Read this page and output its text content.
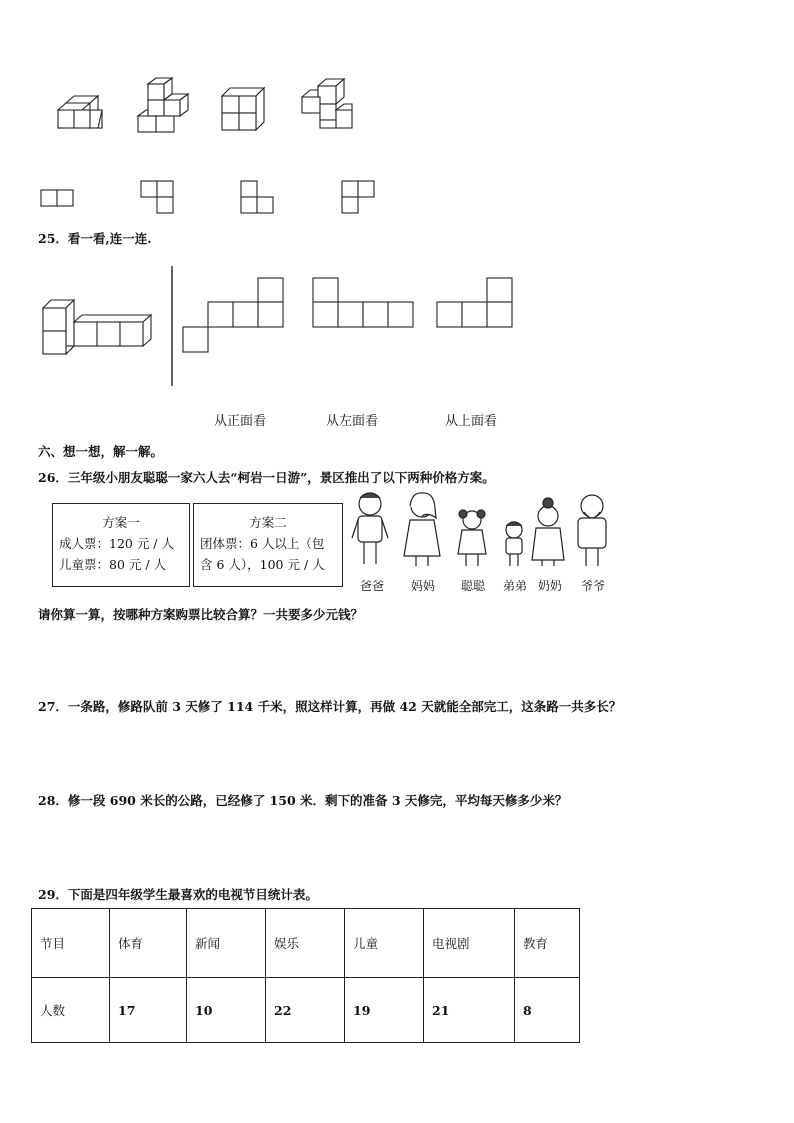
25．看一看,连一连.
从正面看	从左面看	从上面看
六、想一想，解一解。
26．三年级小朋友聪聪一家六人去“柯岩一日游”，景区推出了以下两种价格方案。
方案一
成人票：120 元 / 人
儿童票：80 元 / 人
方案二
团体票：6 人以上（包
含 6 人），100 元 / 人
爸爸	妈妈	聪聪	弟弟 奶奶	爷爷
请你算一算，按哪种方案购票比较合算？一共要多少元钱？
27．一条路，修路队前 3 天修了 114 千米，照这样计算，再做 42 天就能全部完工，这条路一共多长？
28．修一段 690 米长的公路，已经修了 150 米．剩下的准备 3 天修完，平均每天修多少米？
29．下面是四年级学生最喜欢的电视节目统计表。
节目	体育	新闻	娱乐	儿童	电视剧	教育
人数	17	10	22	19	21	8
